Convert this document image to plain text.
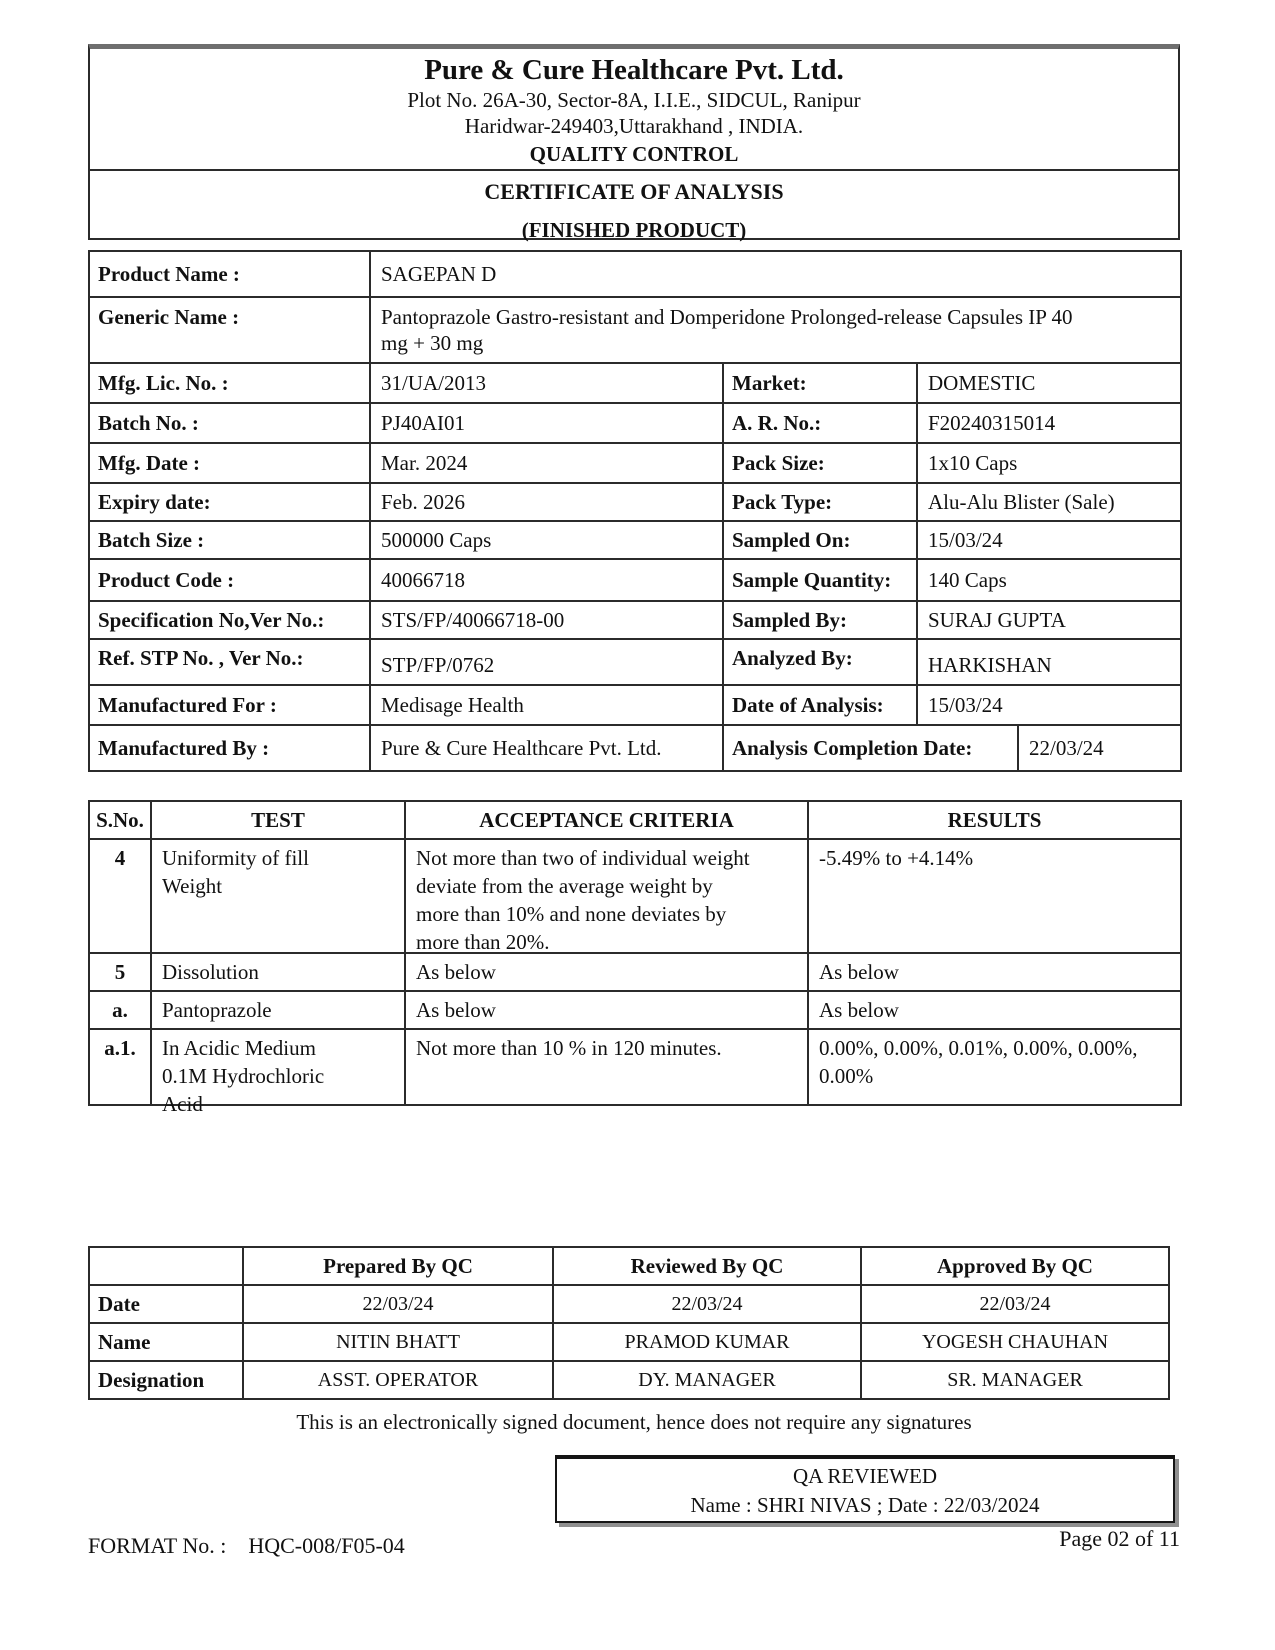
Pure & Cure Healthcare Pvt. Ltd.
Plot No. 26A-30, Sector-8A, I.I.E., SIDCUL, Ranipur
Haridwar-249403,Uttarakhand , INDIA.
QUALITY CONTROL
CERTIFICATE OF ANALYSIS
(FINISHED PRODUCT)
Product Name :	SAGEPAN D			
Generic Name :	Pantoprazole Gastro-resistant and Domperidone Prolonged-release Capsules IP 40 mg + 30 mg			
Mfg. Lic. No. :	31/UA/2013	Market:	DOMESTIC	
Batch No. :	PJ40AI01	A. R. No.:	F20240315014	
Mfg. Date :	Mar. 2024	Pack Size:	1x10 Caps	
Expiry date:	Feb. 2026	Pack Type:	Alu-Alu Blister (Sale)	
Batch Size :	500000 Caps	Sampled On:	15/03/24	
Product Code :	40066718	Sample Quantity:	140 Caps	
Specification No,Ver No.:	STS/FP/40066718-00	Sampled By:	SURAJ GUPTA	
Ref. STP No. , Ver No.:	STP/FP/0762	Analyzed By:	HARKISHAN	
Manufactured For :	Medisage Health	Date of Analysis:	15/03/24	
Manufactured By :	Pure & Cure Healthcare Pvt. Ltd.	Analysis Completion Date:		22/03/24
S.No.	TEST	ACCEPTANCE CRITERIA	RESULTS
4	Uniformity of fill Weight	Not more than two of individual weight deviate from the average weight by more than 10% and none deviates by more than 20%.	-5.49% to +4.14%
5	Dissolution	As below	As below
a.	Pantoprazole	As below	As below
a.1.	In Acidic Medium 0.1M Hydrochloric Acid	Not more than 10 % in 120 minutes.	0.00%, 0.00%, 0.01%, 0.00%, 0.00%, 0.00%
	Prepared By QC	Reviewed By QC	Approved By QC
Date	22/03/24	22/03/24	22/03/24
Name	NITIN BHATT	PRAMOD KUMAR	YOGESH CHAUHAN
Designation	ASST. OPERATOR	DY. MANAGER	SR. MANAGER
This is an electronically signed document, hence does not require any signatures
QA REVIEWED
Name : SHRI NIVAS ; Date : 22/03/2024
Page 02 of 11
FORMAT No. : HQC-008/F05-04
